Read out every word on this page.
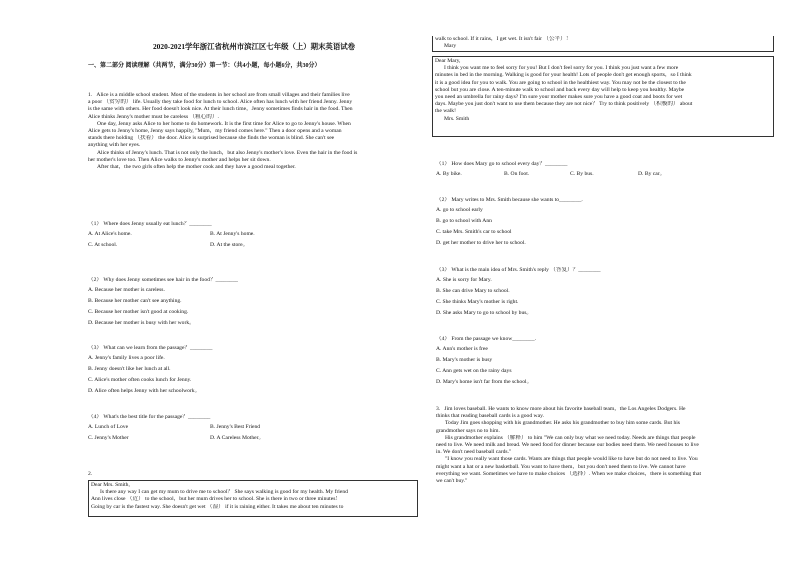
2020-2021学年浙江省杭州市滨江区七年级（上）期末英语试卷
一、第二部分 阅读理解（共两节，满分30分）第一节：（共4小题，每小题6分，共30分）
1. Alice is a middle school student. Most of the students in her school are from small villages and their families live
a poor （贫穷的） life. Usually they take food for lunch to school. Alice often has lunch with her friend Jenny. Jenny
is the same with others. Her food doesn't look nice. At their lunch time，Jenny sometimes finds hair in the food. Then
Alice thinks Jenny's mother must be careless （粗心的）.
One day, Jenny asks Alice to her home to do homework. It is the first time for Alice to go to Jenny's house. When
Alice gets to Jenny's home, Jenny says happily, "Mum，my friend comes here." Then a door opens and a woman
stands there holding （扶着） the door. Alice is surprised because she finds the woman is blind. She can't see
anything with her eyes.
Alice thinks of Jenny's lunch. That is not only the lunch，but also Jenny's mother's love. Even the hair in the food is
her mother's love too. Then Alice walks to Jenny's mother and helps her sit down.
After that，the two girls often help the mother cook and they have a good meal together.
（1） Where does Jenny usually eat lunch？________
A. At Alice's home.	B. At Jenny's home.
C. At school.	D. At the store。
（2） Why does Jenny sometimes see hair in the food？________
A. Because her mother is careless.
B. Because her mother can't see anything.
C. Because her mother isn't good at cooking.
D. Because her mother is busy with her work。
（3） What can we learn from the passage？________
A. Jenny's family lives a poor life.
B. Jenny doesn't like her lunch at all.
C. Alice's mother often cooks lunch for Jenny.
D. Alice often helps Jenny with her schoolwork。
（4） What's the best title for the passage？________
A. Lunch of Love	B. Jenny's Best Friend
C. Jenny's Mother	D. A Careless Mother。
2.
Dear Mrs. Smith,
Is there any way I can get my mum to drive me to school？ She says walking is good for my health. My friend
Ann lives close （近） to the school，but her mum drives her to school. She is there in two or three minutes！
Going by car is the fastest way. She doesn't get wet （湿） if it is raining either. It takes me about ten minutes to
walk to school. If it rains，I get wet. It isn't fair （公平）！
Mary
Dear Mary,
I think you want me to feel sorry for you! But I don't feel sorry for you. I think you just want a few more
minutes in bed in the morning. Walking is good for your health! Lots of people don't get enough sports，so I think
it is a good idea for you to walk. You are going to school in the healthiest way. You may not be the closest to the
school but you are close. A ten-minute walk to school and back every day will help to keep you healthy. Maybe
you need an umbrella for rainy days? I'm sure your mother makes sure you have a good coat and boots for wet
days. Maybe you just don't want to use them because they are not nice？ Try to think positively （积极的） about
the walk!
Mrs. Smith
（1） How does Mary go to school every day？________
A. By bike.	B. On foot.	C. By bus.	D. By car。
（2） Mary writes to Mrs. Smith because she wants to________.
A. go to school early
B. go to school with Ann
C. take Mrs. Smith's car to school
D. get her mother to drive her to school.
（3） What is the main idea of Mrs. Smith's reply （答复）？________
A. She is sorry for Mary.
B. She can drive Mary to school.
C. She thinks Mary's mother is right.
D. She asks Mary to go to school by bus。
（4） From the passage we know________.
A. Ann's mother is free
B. Mary's mother is busy
C. Ann gets wet on the rainy days
D. Mary's home isn't far from the school。
3. Jim loves baseball. He wants to know more about his favorite baseball team，the Los Angeles Dodgers. He
thinks that reading baseball cards is a good way.
Today Jim goes shopping with his grandmother. He asks his grandmother to buy him some cards. But his
grandmother says no to him.
His grandmother explains （解释） to him "We can only buy what we need today. Needs are things that people
need to live. We need milk and bread. We need food for dinner because our bodies need them. We need houses to live
in. We don't need baseball cards."
"I know you really want those cards. Wants are things that people would like to have but do not need to live. You
might want a hat or a new basketball. You want to have them，but you don't need them to live. We cannot have
everything we want. Sometimes we have to make choices （选择）. When we make choices，there is something that
we can't buy."
